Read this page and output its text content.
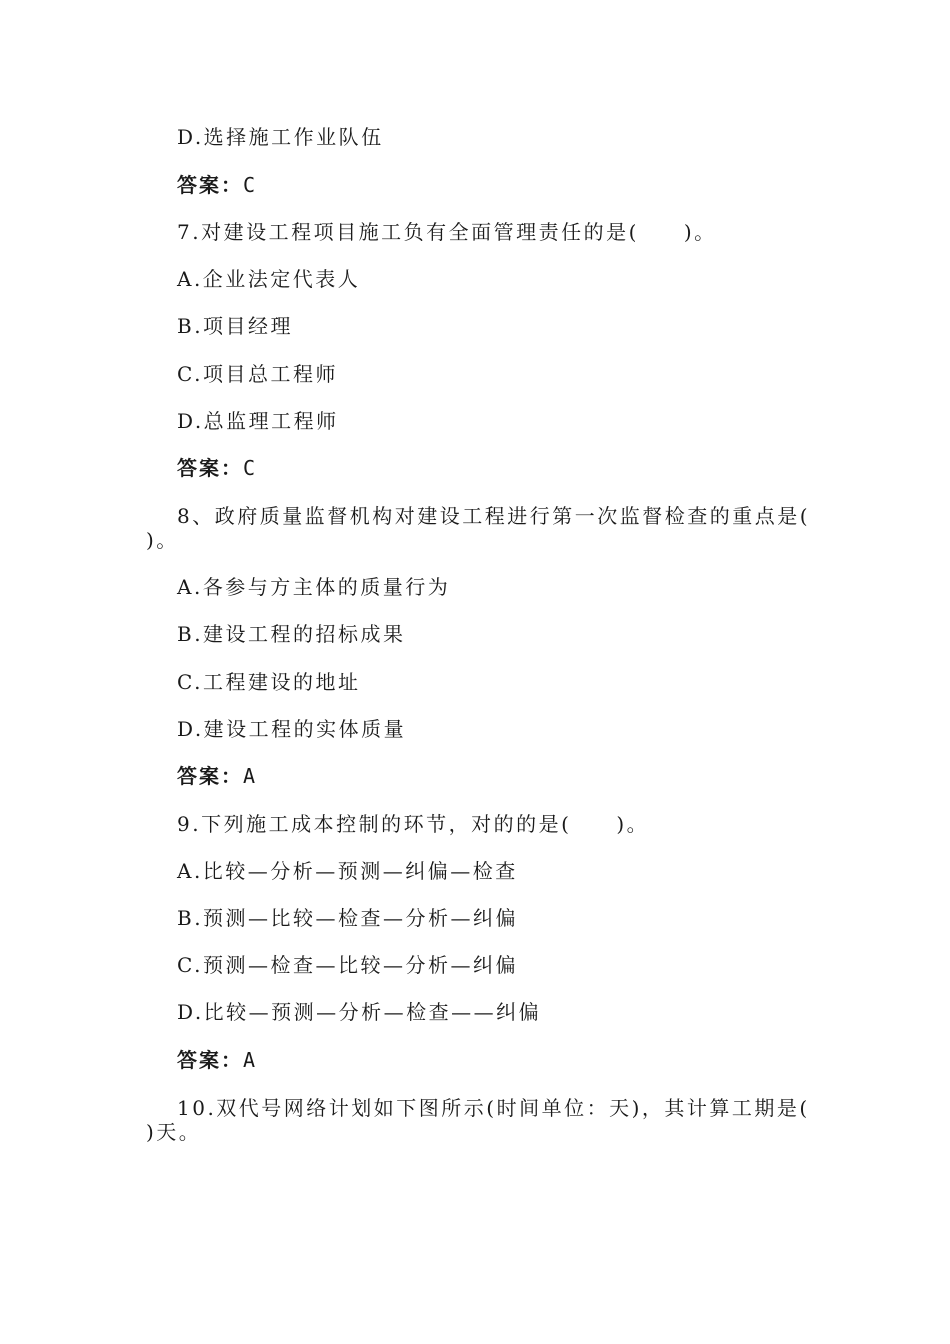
D.选择施工作业队伍
答案：C
7.对建设工程项目施工负有全面管理责任的是(　　)。
A.企业法定代表人
B.项目经理
C.项目总工程师
D.总监理工程师
答案：C
8、政府质量监督机构对建设工程进行第一次监督检查的重点是(
)。
A.各参与方主体的质量行为
B.建设工程的招标成果
C.工程建设的地址
D.建设工程的实体质量
答案：A
9.下列施工成本控制的环节，对的的是(　　)。
A.比较—分析—预测—纠偏—检查
B.预测—比较—检查—分析—纠偏
C.预测—检查—比较—分析—纠偏
D.比较—预测—分析—检查——纠偏
答案：A
10.双代号网络计划如下图所示(时间单位：天)，其计算工期是(
)天。
